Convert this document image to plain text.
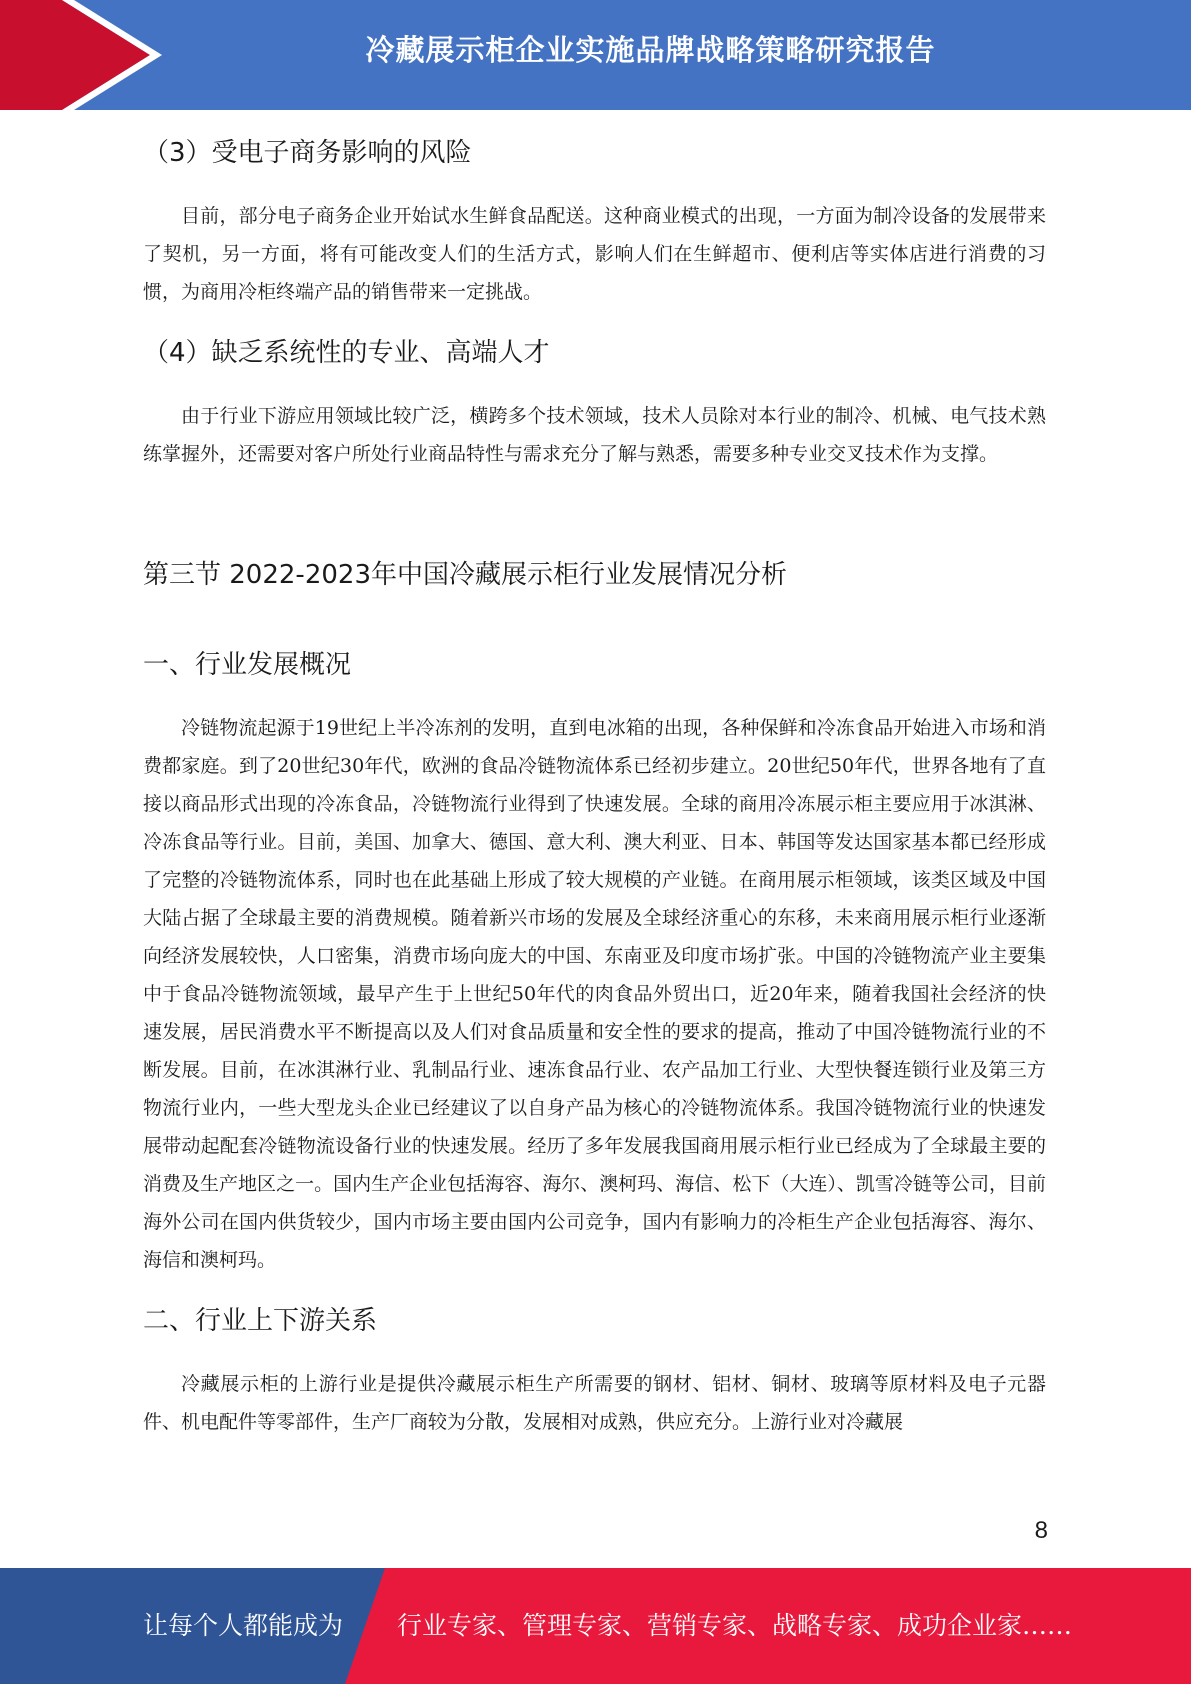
冷藏展示柜企业实施品牌战略策略研究报告
（3）受电子商务影响的风险

目前，部分电子商务企业开始试水生鲜食品配送。这种商业模式的出现，一方面为制冷设备的发展带来了契机，另一方面，将有可能改变人们的生活方式，影响人们在生鲜超市、便利店等实体店进行消费的习惯，为商用冷柜终端产品的销售带来一定挑战。

（4）缺乏系统性的专业、高端人才

由于行业下游应用领域比较广泛，横跨多个技术领域，技术人员除对本行业的制冷、机械、电气技术熟练掌握外，还需要对客户所处行业商品特性与需求充分了解与熟悉，需要多种专业交叉技术作为支撑。

第三节 2022-2023年中国冷藏展示柜行业发展情况分析
一、行业发展概况

冷链物流起源于19世纪上半冷冻剂的发明，直到电冰箱的出现，各种保鲜和冷冻食品开始进入市场和消费都家庭。到了20世纪30年代，欧洲的食品冷链物流体系已经初步建立。20世纪50年代，世界各地有了直接以商品形式出现的冷冻食品，冷链物流行业得到了快速发展。全球的商用冷冻展示柜主要应用于冰淇淋、冷冻食品等行业。目前，美国、加拿大、德国、意大利、澳大利亚、日本、韩国等发达国家基本都已经形成了完整的冷链物流体系，同时也在此基础上形成了较大规模的产业链。在商用展示柜领域，该类区域及中国大陆占据了全球最主要的消费规模。随着新兴市场的发展及全球经济重心的东移，未来商用展示柜行业逐渐向经济发展较快，人口密集，消费市场向庞大的中国、东南亚及印度市场扩张。中国的冷链物流产业主要集中于食品冷链物流领域，最早产生于上世纪50年代的肉食品外贸出口，近20年来，随着我国社会经济的快速发展，居民消费水平不断提高以及人们对食品质量和安全性的要求的提高，推动了中国冷链物流行业的不断发展。目前，在冰淇淋行业、乳制品行业、速冻食品行业、农产品加工行业、大型快餐连锁行业及第三方物流行业内，一些大型龙头企业已经建议了以自身产品为核心的冷链物流体系。我国冷链物流行业的快速发展带动起配套冷链物流设备行业的快速发展。经历了多年发展我国商用展示柜行业已经成为了全球最主要的消费及生产地区之一。国内生产企业包括海容、海尔、澳柯玛、海信、松下（大连）、凯雪冷链等公司，目前海外公司在国内供货较少，国内市场主要由国内公司竞争，国内有影响力的冷柜生产企业包括海容、海尔、海信和澳柯玛。

二、行业上下游关系

冷藏展示柜的上游行业是提供冷藏展示柜生产所需要的钢材、铝材、铜材、玻璃等原材料及电子元器件、机电配件等零部件，生产厂商较为分散，发展相对成熟，供应充分。上游行业对冷藏展

8
让每个人都能成为 行业专家、管理专家、营销专家、战略专家、成功企业家……
